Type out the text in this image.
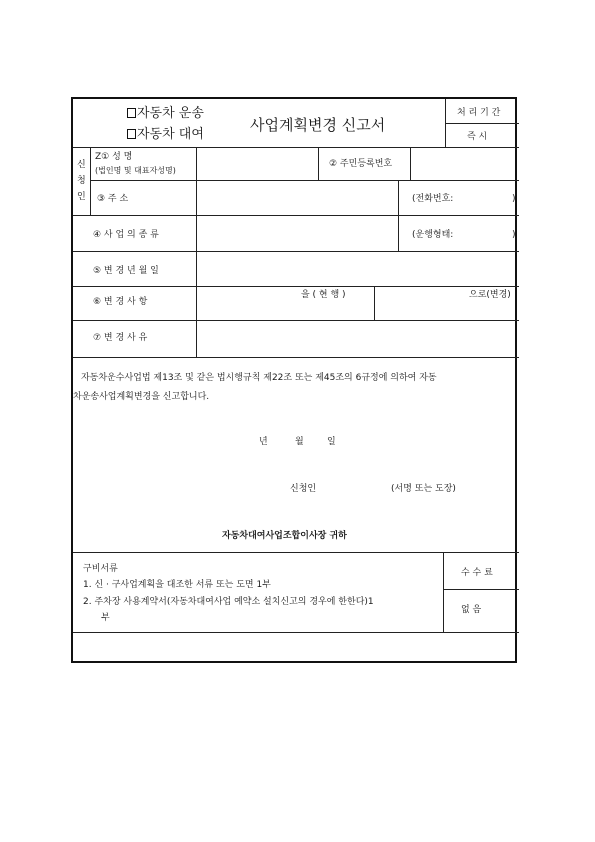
자동차 운송
자동차 대여
사업계획변경 신고서
처 리 기 간
즉 시
신
청
인
Z① 성 명
(법인명 및 대표자성명)
② 주민등록번호
③ 주 소	(전화번호:	)
④ 사 업 의 종 류	(운행형태:	)
⑤ 변 경 년 월 일
⑥ 변 경 사 항
을 ( 현 행 )	으로(변경)
⑦ 변 경 사 유
자동차운수사업법 제13조 및 같은 법시행규칙 제22조 또는 제45조의 6규정에 의하여 자동
차운송사업계획변경을 신고합니다.
년	월	일
신청인	(서명 또는 도장)
자동차대여사업조합이사장 귀하
구비서류
1. 신 · 구사업계획을 대조한 서류 또는 도면 1부
2. 주차장 사용계약서(자동차대여사업 예약소 설치신고의 경우에 한한다)1
부
수 수 료
없 음
